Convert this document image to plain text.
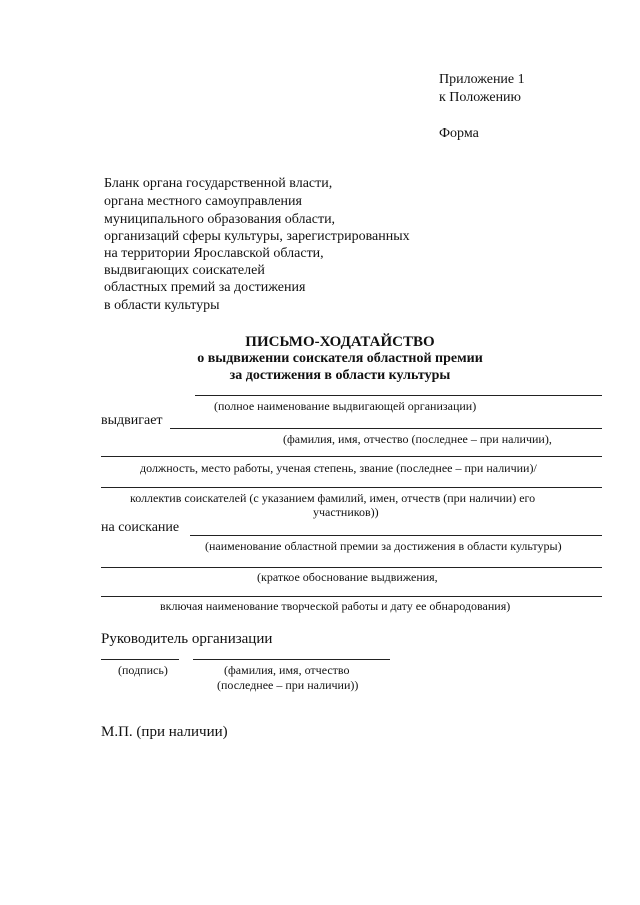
Приложение 1
к Положению
Форма
Бланк органа государственной власти,
органа местного самоуправления
муниципального образования области,
организаций сферы культуры, зарегистрированных
на территории Ярославской области,
выдвигающих соискателей
областных премий за достижения
в области культуры
ПИСЬМО-ХОДАТАЙСТВО
о выдвижении соискателя областной премии
за достижения в области культуры
(полное наименование выдвигающей организации)
выдвигает
(фамилия, имя, отчество (последнее – при наличии),
должность, место работы, ученая степень, звание (последнее – при наличии)/
коллектив соискателей (с указанием фамилий, имен, отчеств (при наличии) его
участников))
на соискание
(наименование областной премии за достижения в области культуры)
(краткое обоснование выдвижения,
включая наименование творческой работы и дату ее обнародования)
Руководитель организации
(подпись)	(фамилия, имя, отчество
(последнее – при наличии))
М.П. (при наличии)
